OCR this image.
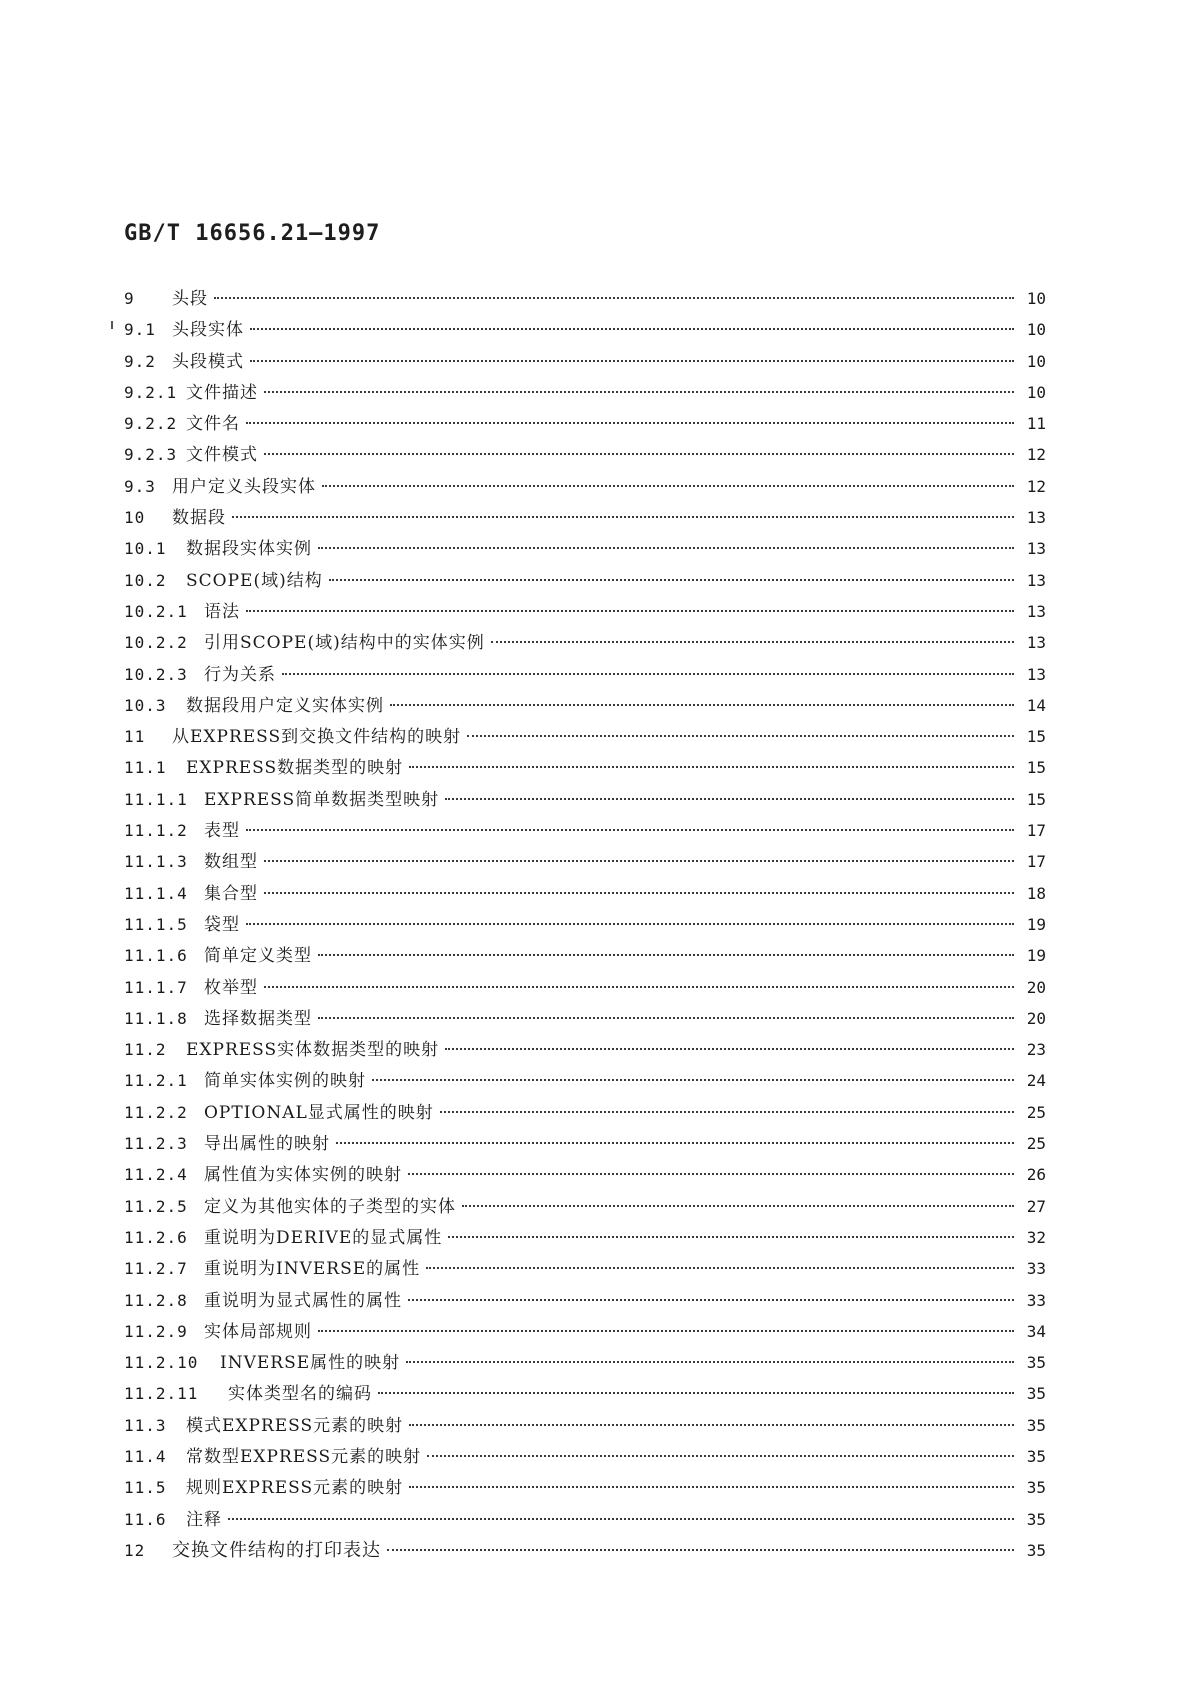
GB/T 16656.21—1997
9	头段	10
9.1 头段实体	10
9.2 头段模式	10
9.2.1 文件描述	10
9.2.2 文件名	11
9.2.3 文件模式	12
9.3 用户定义头段实体	12
10	数据段	13
10.1	数据段实体实例	13
10.2	SCOPE(域)结构	13
10.2.1 语法	13
10.2.2 引用SCOPE(域)结构中的实体实例	13
10.2.3 行为关系	13
10.3	数据段用户定义实体实例	14
11	从EXPRESS到交换文件结构的映射	15
11.1	EXPRESS数据类型的映射	15
11.1.1 EXPRESS简单数据类型映射	15
11.1.2 表型	17
11.1.3 数组型	17
11.1.4 集合型	18
11.1.5 袋型	19
11.1.6 简单定义类型	19
11.1.7 枚举型	20
11.1.8 选择数据类型	20
11.2	EXPRESS实体数据类型的映射	23
11.2.1 简单实体实例的映射	24
11.2.2 OPTIONAL显式属性的映射	25
11.2.3 导出属性的映射	25
11.2.4 属性值为实体实例的映射	26
11.2.5 定义为其他实体的子类型的实体	27
11.2.6 重说明为DERIVE的显式属性	32
11.2.7 重说明为INVERSE的属性	33
11.2.8 重说明为显式属性的属性	33
11.2.9 实体局部规则	34
11.2.10	INVERSE属性的映射	35
11.2.11	实体类型名的编码	35
11.3	模式EXPRESS元素的映射	35
11.4	常数型EXPRESS元素的映射	35
11.5	规则EXPRESS元素的映射	35
11.6	注释	35
12	交换文件结构的打印表达	35
